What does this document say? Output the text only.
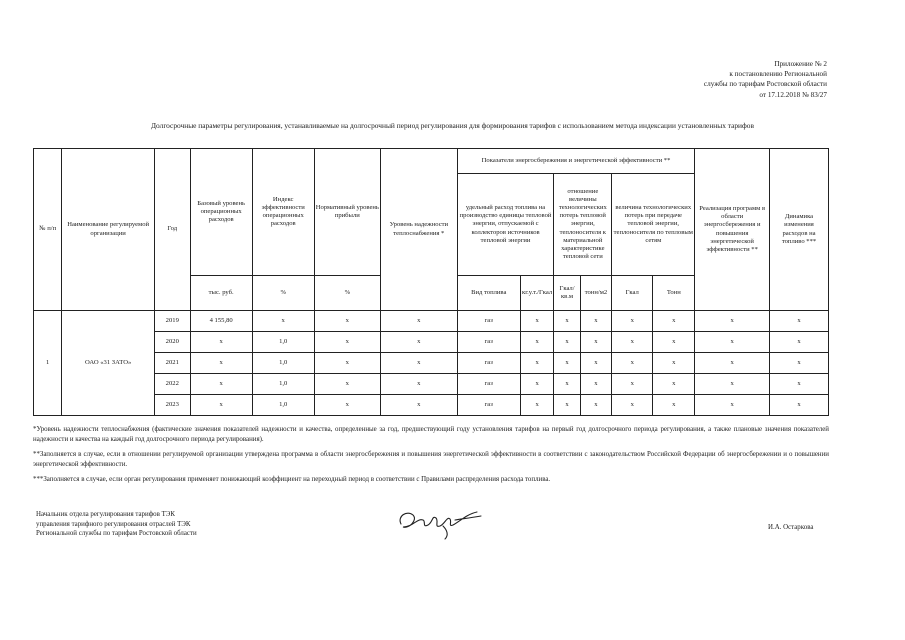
Приложение № 2
к постановлению Региональной
службы по тарифам Ростовской области
от 17.12.2018 № 83/27
Долгосрочные параметры регулирования, устанавливаемые на долгосрочный период регулирования для формирования тарифов с использованием метода индексации установленных тарифов
№ п/п	Наименование регулируемой организации	Год	Базовый уровень операционных расходов	Индекс эффективности операционных расходов	Нормативный уровень прибыли	Уровень надежности теплоснабжения *	Показатели энергосбережения и энергетической эффективности **						Реализация программ в области энергосбережения и повышения энергетической эффективности **	Динамика изменения расходов на топливо ***
							удельный расход топлива на производство единицы тепловой энергии, отпускаемой с коллекторов источников тепловой энергии		отношение величины технологических потерь тепловой энергии, теплоносителя к материальной характеристике тепловой сети		величина технологических потерь при передаче тепловой энергии, теплоносителя по тепловым сетям			
			тыс. руб.	%	%		Вид топлива	кг.у.т./Гкал	Гкал/ кв.м	тонн/м2	Гкал	Тонн		
1	ОАО «31 ЗАТО»	2019	4 155,80	х	х	х	газ	х	х	х	х	х	х	х
		2020	х	1,0	х	х	газ	х	х	х	х	х	х	х
		2021	х	1,0	х	х	газ	х	х	х	х	х	х	х
		2022	х	1,0	х	х	газ	х	х	х	х	х	х	х
		2023	х	1,0	х	х	газ	х	х	х	х	х	х	х

*Уровень надежности теплоснабжения (фактические значения показателей надежности и качества, определенные за год, предшествующий году установления тарифов на первый год долгосрочного периода регулирования, а также плановые значения показателей надежности и качества на каждый год долгосрочного периода регулирования).

**Заполняется в случае, если в отношении регулируемой организации утверждена программа в области энергосбережения и повышения энергетической эффективности в соответствии с законодательством Российской Федерации об энергосбережении и о повышении энергетической эффективности.

***Заполняется в случае, если орган регулирования применяет понижающий коэффициент на переходный период в соответствии с Правилами распределения расхода топлива.

Начальник отдела регулирования тарифов ТЭК
управления тарифного регулирования отраслей ТЭК
Региональной службы по тарифам Ростовской области
И.А. Остаркова
